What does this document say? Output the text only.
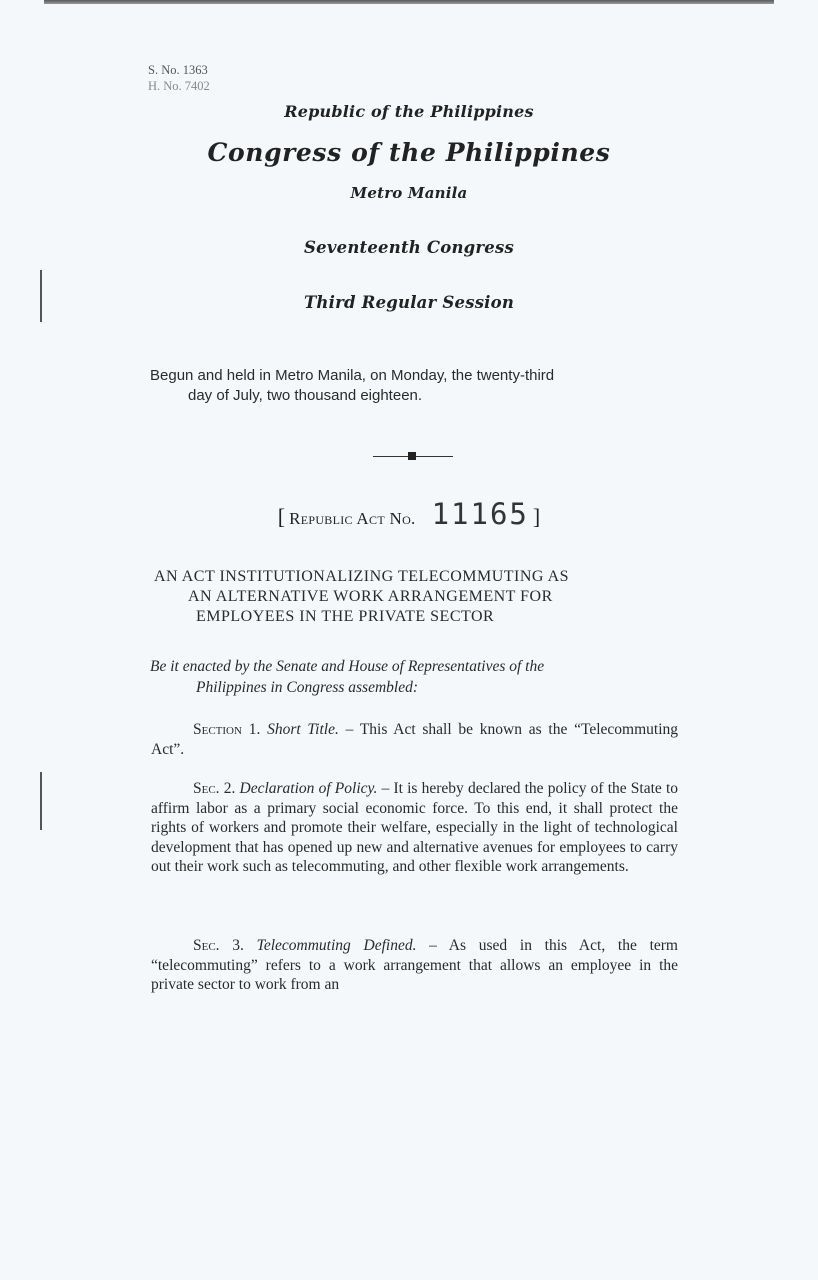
S. No. 1363
H. No. 7402
Republic of the Philippines
Congress of the Philippines
Metro Manila
Seventeenth Congress
Third Regular Session
Begun and held in Metro Manila, on Monday, the twenty-third
day of July, two thousand eighteen.
[ Republic Act No. 11165 ]
AN ACT INSTITUTIONALIZING TELECOMMUTING AS
AN ALTERNATIVE WORK ARRANGEMENT FOR
EMPLOYEES IN THE PRIVATE SECTOR
Be it enacted by the Senate and House of Representatives of the
Philippines in Congress assembled:

Section 1. Short Title. – This Act shall be known as the “Telecommuting Act”.

Sec. 2. Declaration of Policy. – It is hereby declared the policy of the State to affirm labor as a primary social economic force. To this end, it shall protect the rights of workers and promote their welfare, especially in the light of technological development that has opened up new and alternative avenues for employees to carry out their work such as telecommuting, and other flexible work arrangements.

Sec. 3. Telecommuting Defined. – As used in this Act, the term “telecommuting” refers to a work arrangement that allows an employee in the private sector to work from an
